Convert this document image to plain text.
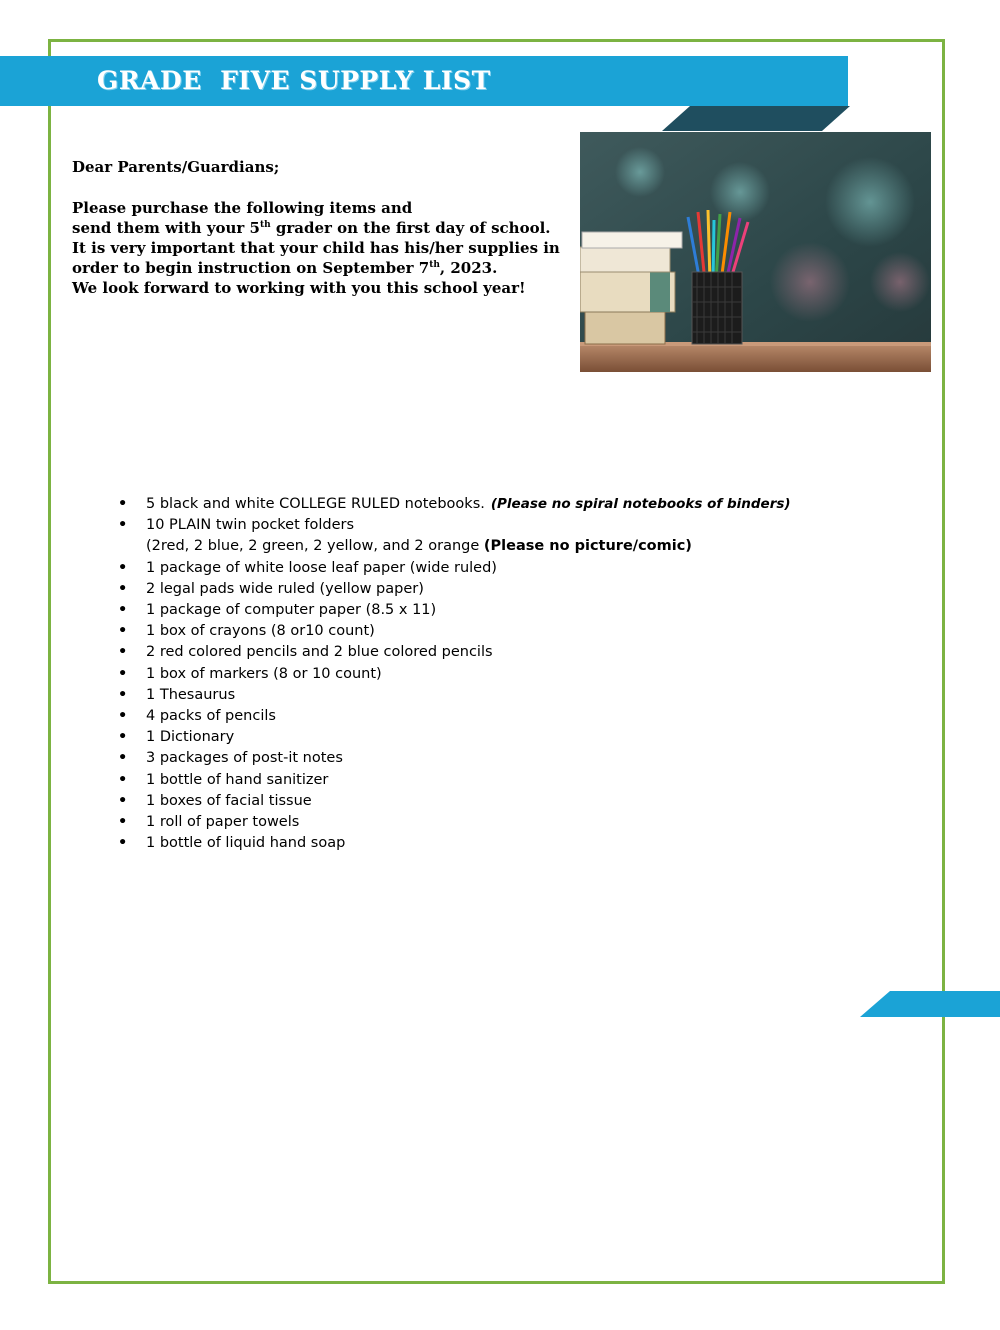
GRADE  FIVE SUPPLY LIST

Dear Parents/Guardians;

Please purchase the following items and

send them with your 5th grader on the first day of school.

It is very important that your child has his/her supplies in

order to begin instruction on September 7th, 2023.

We look forward to working with you this school year!

• 5 black and white COLLEGE RULED notebooks. (Please no spiral notebooks of binders)
• 10 PLAIN twin pocket folders
(2red, 2 blue, 2 green, 2 yellow, and 2 orange (Please no picture/comic)
• 1 package of white loose leaf paper (wide ruled)
• 2 legal pads wide ruled (yellow paper)
• 1 package of computer paper (8.5 x 11)
• 1 box of crayons (8 or10 count)
• 2 red colored pencils and 2 blue colored pencils
• 1 box of markers (8 or 10 count)
• 1 Thesaurus
• 4 packs of pencils
• 1 Dictionary
• 3 packages of post-it notes
• 1 bottle of hand sanitizer
• 1 boxes of facial tissue
• 1 roll of paper towels
• 1 bottle of liquid hand soap
